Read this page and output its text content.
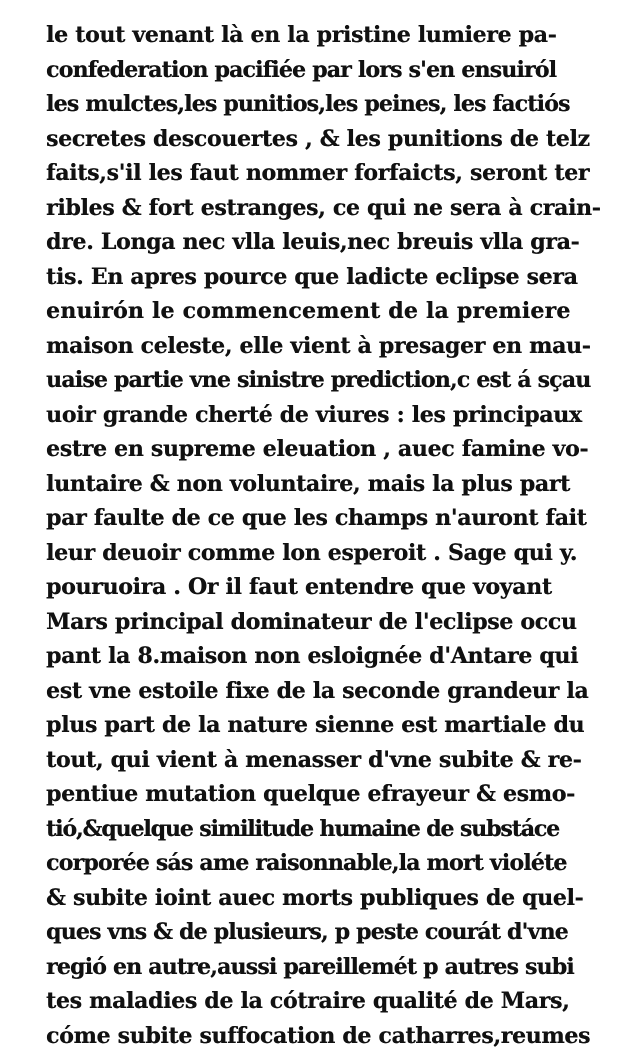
le tout venant là en la pristine lumiere pa-
confederation pacifiée par lors s'en ensuiról
les mulctes,les punitios,les peines, les factiós
secretes descouertes , & les punitions de telz
faits,s'il les faut nommer forfaicts, seront ter
ribles & fort estranges, ce qui ne sera à crain-
dre. Longa nec vlla leuis,nec breuis vlla gra-
tis. En apres pource que ladicte eclipse sera
enuirón le commencement de la premiere
maison celeste, elle vient à presager en mau-
uaise partie vne sinistre prediction,c est á sçau
uoir grande cherté de viures : les principaux
estre en supreme eleuation , auec famine vo-
luntaire & non voluntaire, mais la plus part
par faulte de ce que les champs n'auront fait
leur deuoir comme lon esperoit . Sage qui y.
pouruoira . Or il faut entendre que voyant
Mars principal dominateur de l'eclipse occu
pant la 8.maison non esloignée d'Antare qui
est vne estoile fixe de la seconde grandeur la
plus part de la nature sienne est martiale du
tout, qui vient à menasser d'vne subite & re-
pentiue mutation quelque efrayeur & esmo-
tió,&quelque similitude humaine de substáce
corporée sás ame raisonnable,la mort violéte
& subite ioint auec morts publiques de quel-
ques vns & de plusieurs, p peste courát d'vne
regió en autre,aussi pareillemét p autres subi
tes maladies de la cótraire qualité de Mars,
cóme subite suffocation de catharres,reumes
